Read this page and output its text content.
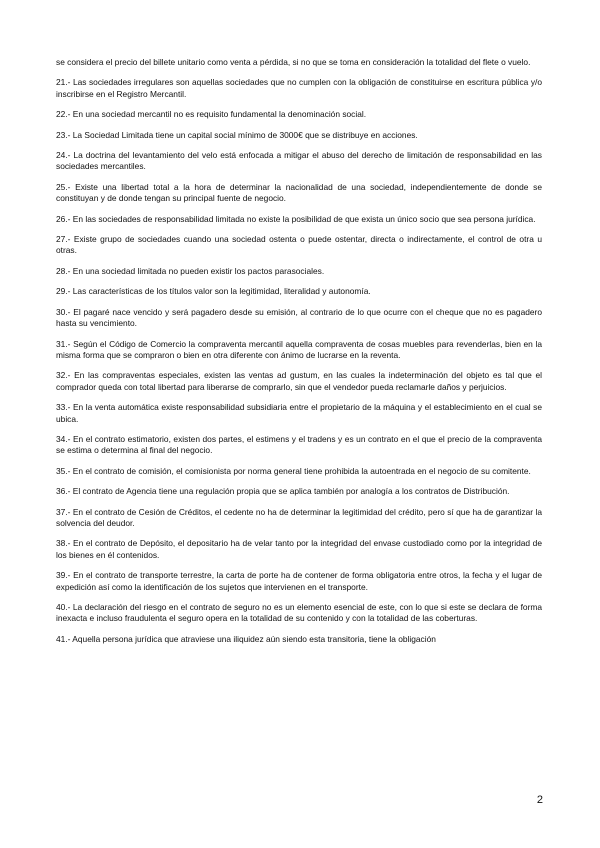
se considera el precio del billete unitario como venta a pérdida, si no que se toma en consideración la totalidad del flete o vuelo.

21.- Las sociedades irregulares son aquellas sociedades que no cumplen con la obligación de constituirse en escritura pública y/o inscribirse en el Registro Mercantil.

22.- En una sociedad mercantil no es requisito fundamental la denominación social.

23.- La Sociedad Limitada tiene un capital social mínimo de 3000€ que se distribuye en acciones.

24.- La doctrina del levantamiento del velo está enfocada a mitigar el abuso del derecho de limitación de responsabilidad en las sociedades mercantiles.

25.- Existe una libertad total a la hora de determinar la nacionalidad de una sociedad, independientemente de donde se constituyan y de donde tengan su principal fuente de negocio.

26.- En las sociedades de responsabilidad limitada no existe la posibilidad de que exista un único socio que sea persona jurídica.

27.- Existe grupo de sociedades cuando una sociedad ostenta o puede ostentar, directa o indirectamente, el control de otra u otras.

28.- En una sociedad limitada no pueden existir los pactos parasociales.

29.- Las características de los títulos valor son la legitimidad, literalidad y autonomía.

30.- El pagaré nace vencido y será pagadero desde su emisión, al contrario de lo que ocurre con el cheque que no es pagadero hasta su vencimiento.

31.- Según el Código de Comercio la compraventa mercantil aquella compraventa de cosas muebles para revenderlas, bien en la misma forma que se compraron o bien en otra diferente con ánimo de lucrarse en la reventa.

32.- En las compraventas especiales, existen las ventas ad gustum, en las cuales la indeterminación del objeto es tal que el comprador queda con total libertad para liberarse de comprarlo, sin que el vendedor pueda reclamarle daños y perjuicios.

33.- En la venta automática existe responsabilidad subsidiaria entre el propietario de la máquina y el establecimiento en el cual se ubica.

34.- En el contrato estimatorio, existen dos partes, el estimens y el tradens y es un contrato en el que el precio de la compraventa se estima o determina al final del negocio.

35.- En el contrato de comisión, el comisionista por norma general tiene prohibida la autoentrada en el negocio de su comitente.

36.- El contrato de Agencia tiene una regulación propia que se aplica también por analogía a los contratos de Distribución.

37.- En el contrato de Cesión de Créditos, el cedente no ha de determinar la legitimidad del crédito, pero sí que ha de garantizar la solvencia del deudor.

38.- En el contrato de Depósito, el depositario ha de velar tanto por la integridad del envase custodiado como por la integridad de los bienes en él contenidos.

39.- En el contrato de transporte terrestre, la carta de porte ha de contener de forma obligatoria entre otros, la fecha y el lugar de expedición así como la identificación de los sujetos que intervienen en el transporte.

40.- La declaración del riesgo en el contrato de seguro no es un elemento esencial de este, con lo que si este se declara de forma inexacta e incluso fraudulenta el seguro opera en la totalidad de su contenido y con la totalidad de las coberturas.

41.- Aquella persona jurídica que atraviese una iliquidez aún siendo esta transitoria, tiene la obligación

2
